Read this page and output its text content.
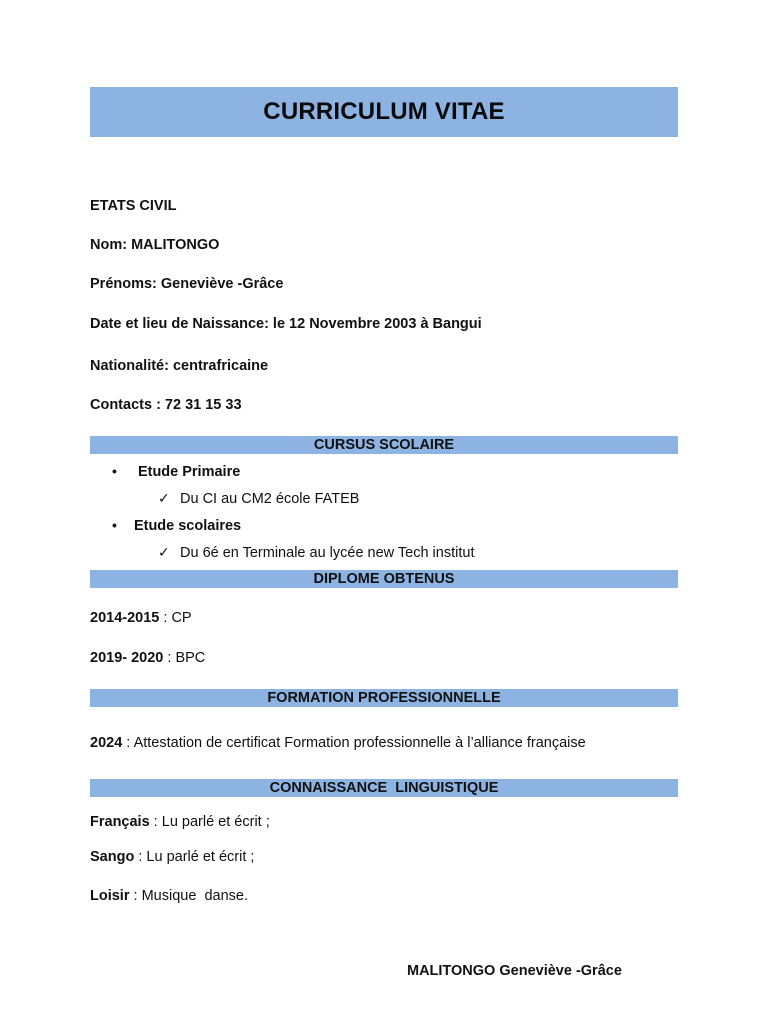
CURRICULUM VITAE
ETATS CIVIL
Nom: MALITONGO
Prénoms: Geneviève -Grâce
Date et lieu de Naissance: le 12 Novembre 2003 à Bangui
Nationalité: centrafricaine
Contacts : 72 31 15 33
CURSUS SCOLAIRE
• Etude Primaire
✓ Du CI au CM2 école FATEB
• Etude scolaires
✓ Du 6é en Terminale au lycée new Tech institut
DIPLOME OBTENUS
2014-2015 : CP
2019- 2020 : BPC
FORMATION PROFESSIONNELLE
2024 : Attestation de certificat Formation professionnelle à l’alliance française
CONNAISSANCE  LINGUISTIQUE
Français : Lu parlé et écrit ;
Sango : Lu parlé et écrit ;
Loisir : Musique  danse.
MALITONGO Geneviève -Grâce
